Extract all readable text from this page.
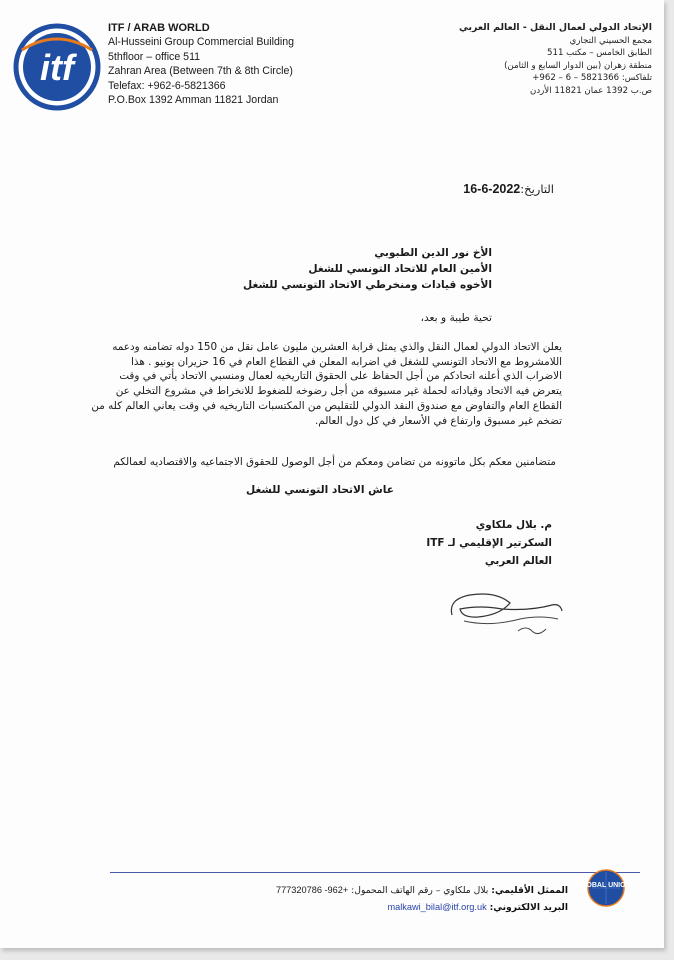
itf
ITF / ARAB WORLD
Al-Husseini Group Commercial Building
5thfloor – office 511
Zahran Area (Between 7th & 8th Circle)
Telefax: +962-6-5821366
P.O.Box 1392 Amman 11821 Jordan
الإتحاد الدولي لعمال النقل - العالم العربي
مجمع الحسيني التجاري
الطابق الخامس – مكتب 511
منطقة زهران (بين الدوار السابع و الثامن)
تلفاكس: 5821366 – 6 – 962+
ص.ب 1392 عمان 11821 الأردن
التاريخ:16-6-2022
الأخ نور الدين الطبوبي
الأمين العام للاتحاد التونسي للشغل
الأخوه قيادات ومنخرطي الاتحاد التونسي للشغل
تحية طيبة و بعد،
يعلن الاتحاد الدولي لعمال النقل والذي يمثل قرابة العشرين مليون عامل نقل من 150 دوله تضامنه ودعمه
اللامشروط مع الاتحاد التونسي للشغل في اضرابه المعلن في القطاع العام في 16 حزيران يونيو . هذا
الاضراب الذي أعلنه اتحادكم من أجل الحفاظ على الحقوق التاريخيه لعمال ومنسبي الاتحاد يأتي في وقت
يتعرض فيه الاتحاد وقياداته لحملة غير مسبوقه من أجل رضوخه للضغوط للانخراط في مشروع التخلي عن
القطاع العام والتفاوض مع صندوق النقد الدولي للتقليص من المكتسبات التاريخيه في وقت يعاني العالم كله من
تضخم غير مسبوق وارتفاع في الأسعار في كل دول العالم.
متضامنين معكم بكل ماتوونه من تضامن ومعكم من أجل الوصول للحقوق الاجتماعيه والاقتصاديه لعمالكم
عاش الاتحاد التونسي للشغل
م. بلال ملكاوي
السكرتير الإقليمي لـ ITF
العالم العربي
GLOBAL UNIONS
الممثل الأقليمي: بلال ملكاوي – رقم الهاتف المحمول: 777320786 -962+
البريد الالكتروني: malkawi_bilal@itf.org.uk
